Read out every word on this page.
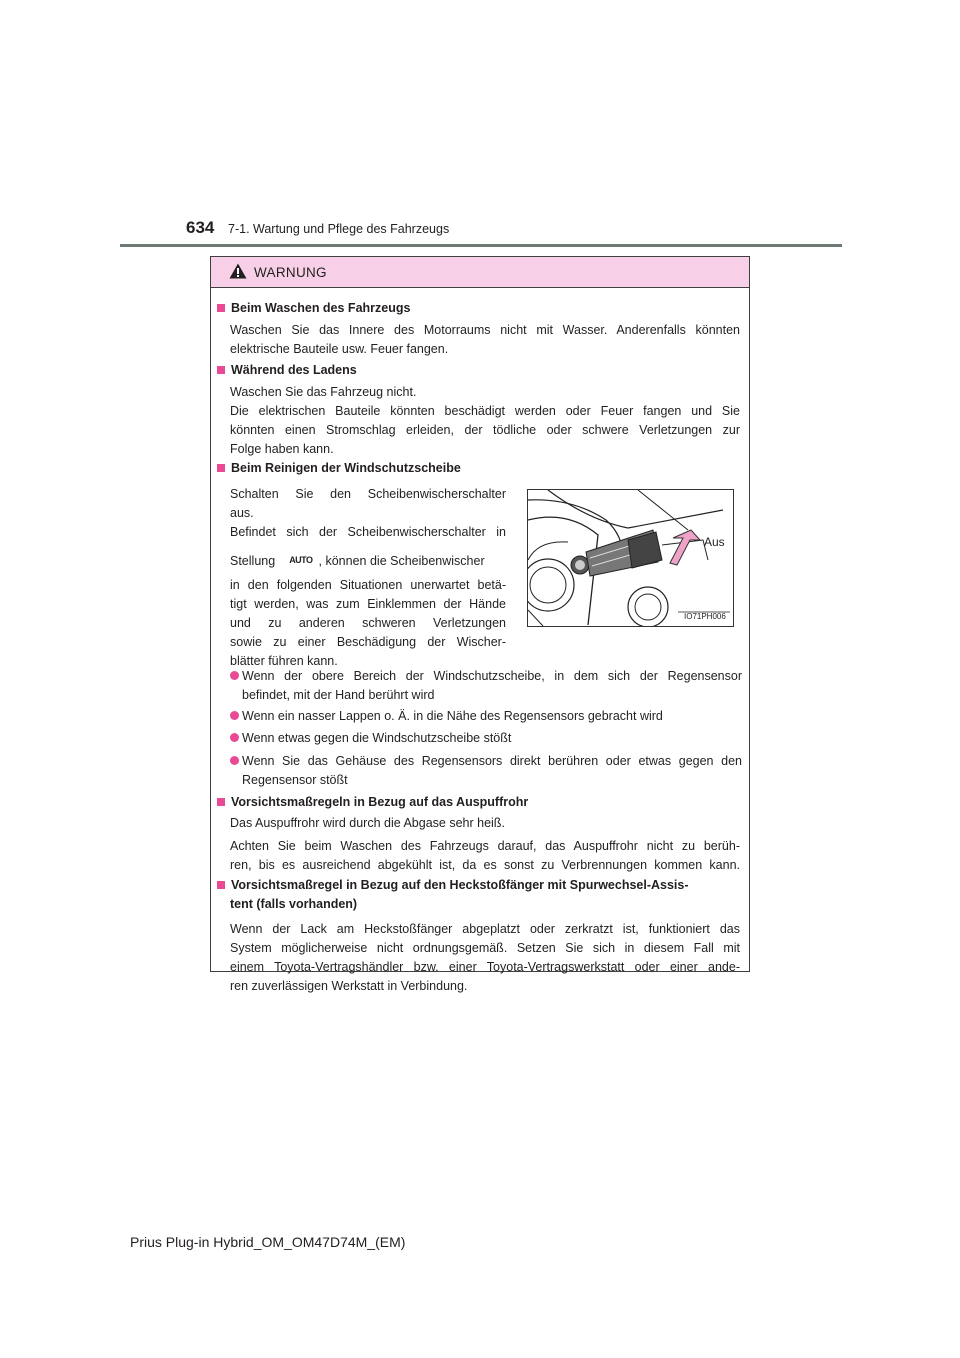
634 7-1. Wartung und Pflege des Fahrzeugs
WARNUNG
Beim Waschen des Fahrzeugs
Waschen Sie das Innere des Motorraums nicht mit Wasser. Anderenfalls könnten
elektrische Bauteile usw. Feuer fangen.
Während des Ladens
Waschen Sie das Fahrzeug nicht.
Die elektrischen Bauteile könnten beschädigt werden oder Feuer fangen und Sie
könnten einen Stromschlag erleiden, der tödliche oder schwere Verletzungen zur
Folge haben kann.
Beim Reinigen der Windschutzscheibe
Schalten Sie den Scheibenwischerschalter
aus.
Befindet sich der Scheibenwischerschalter in
Stellung AUTO , können die Scheibenwischer
in den folgenden Situationen unerwartet betä-
tigt werden, was zum Einklemmen der Hände
und zu anderen schweren Verletzungen
sowie zu einer Beschädigung der Wischer-
blätter führen kann.
Aus
IO71PH006
Wenn der obere Bereich der Windschutzscheibe, in dem sich der Regensensor
befindet, mit der Hand berührt wird
Wenn ein nasser Lappen o. Ä. in die Nähe des Regensensors gebracht wird
Wenn etwas gegen die Windschutzscheibe stößt
Wenn Sie das Gehäuse des Regensensors direkt berühren oder etwas gegen den
Regensensor stößt
Vorsichtsmaßregeln in Bezug auf das Auspuffrohr
Das Auspuffrohr wird durch die Abgase sehr heiß.
Achten Sie beim Waschen des Fahrzeugs darauf, das Auspuffrohr nicht zu berüh-
ren, bis es ausreichend abgekühlt ist, da es sonst zu Verbrennungen kommen kann.
Vorsichtsmaßregel in Bezug auf den Heckstoßfänger mit Spurwechsel-Assis-
tent (falls vorhanden)
Wenn der Lack am Heckstoßfänger abgeplatzt oder zerkratzt ist, funktioniert das
System möglicherweise nicht ordnungsgemäß. Setzen Sie sich in diesem Fall mit
einem Toyota-Vertragshändler bzw. einer Toyota-Vertragswerkstatt oder einer ande-
ren zuverlässigen Werkstatt in Verbindung.
Prius Plug-in Hybrid_OM_OM47D74M_(EM)
